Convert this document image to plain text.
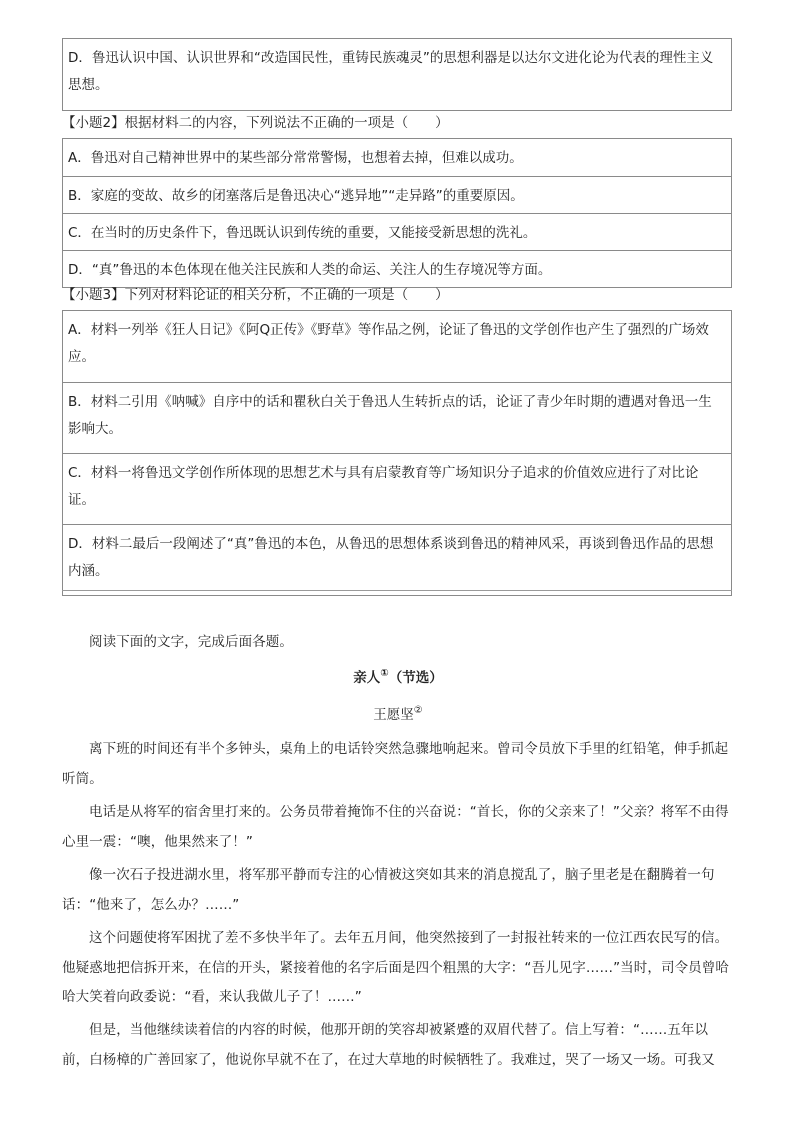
D．鲁迅认识中国、认识世界和“改造国民性，重铸民族魂灵”的思想利器是以达尔文进化论为代表的理性主义思想。
【小题2】根据材料二的内容，下列说法不正确的一项是（　　）
A．鲁迅对自己精神世界中的某些部分常常警惕，也想着去掉，但难以成功。
B．家庭的变故、故乡的闭塞落后是鲁迅决心“逃异地”“走异路”的重要原因。
C．在当时的历史条件下，鲁迅既认识到传统的重要，又能接受新思想的洗礼。
D．“真”鲁迅的本色体现在他关注民族和人类的命运、关注人的生存境况等方面。
【小题3】下列对材料论证的相关分析，不正确的一项是（　　）
A．材料一列举《狂人日记》《阿Q正传》《野草》等作品之例，论证了鲁迅的文学创作也产生了强烈的广场效应。
B．材料二引用《呐喊》自序中的话和瞿秋白关于鲁迅人生转折点的话，论证了青少年时期的遭遇对鲁迅一生影响大。
C．材料一将鲁迅文学创作所体现的思想艺术与具有启蒙教育等广场知识分子追求的价值效应进行了对比论证。
D．材料二最后一段阐述了“真”鲁迅的本色，从鲁迅的思想体系谈到鲁迅的精神风采，再谈到鲁迅作品的思想内涵。
阅读下面的文字，完成后面各题。
亲人①（节选）
王愿坚②
离下班的时间还有半个多钟头，桌角上的电话铃突然急骤地响起来。曾司令员放下手里的红铅笔，伸手抓起听筒。
电话是从将军的宿舍里打来的。公务员带着掩饰不住的兴奋说：“首长，你的父亲来了！”父亲？将军不由得心里一震：“噢，他果然来了！”
像一次石子投进湖水里，将军那平静而专注的心情被这突如其来的消息搅乱了，脑子里老是在翻腾着一句话：“他来了，怎么办？……”
这个问题使将军困扰了差不多快半年了。去年五月间，他突然接到了一封报社转来的一位江西农民写的信。他疑惑地把信拆开来，在信的开头，紧接着他的名字后面是四个粗黑的大字：“吾儿见字……”当时，司令员曾哈哈大笑着向政委说：“看，来认我做儿子了！……”
但是，当他继续读着信的内容的时候，他那开朗的笑容却被紧蹙的双眉代替了。信上写着：“……五年以前，白杨樟的广善回家了，他说你早就不在了，在过大草地的时候牺牲了。我难过，哭了一场又一场。可我又
